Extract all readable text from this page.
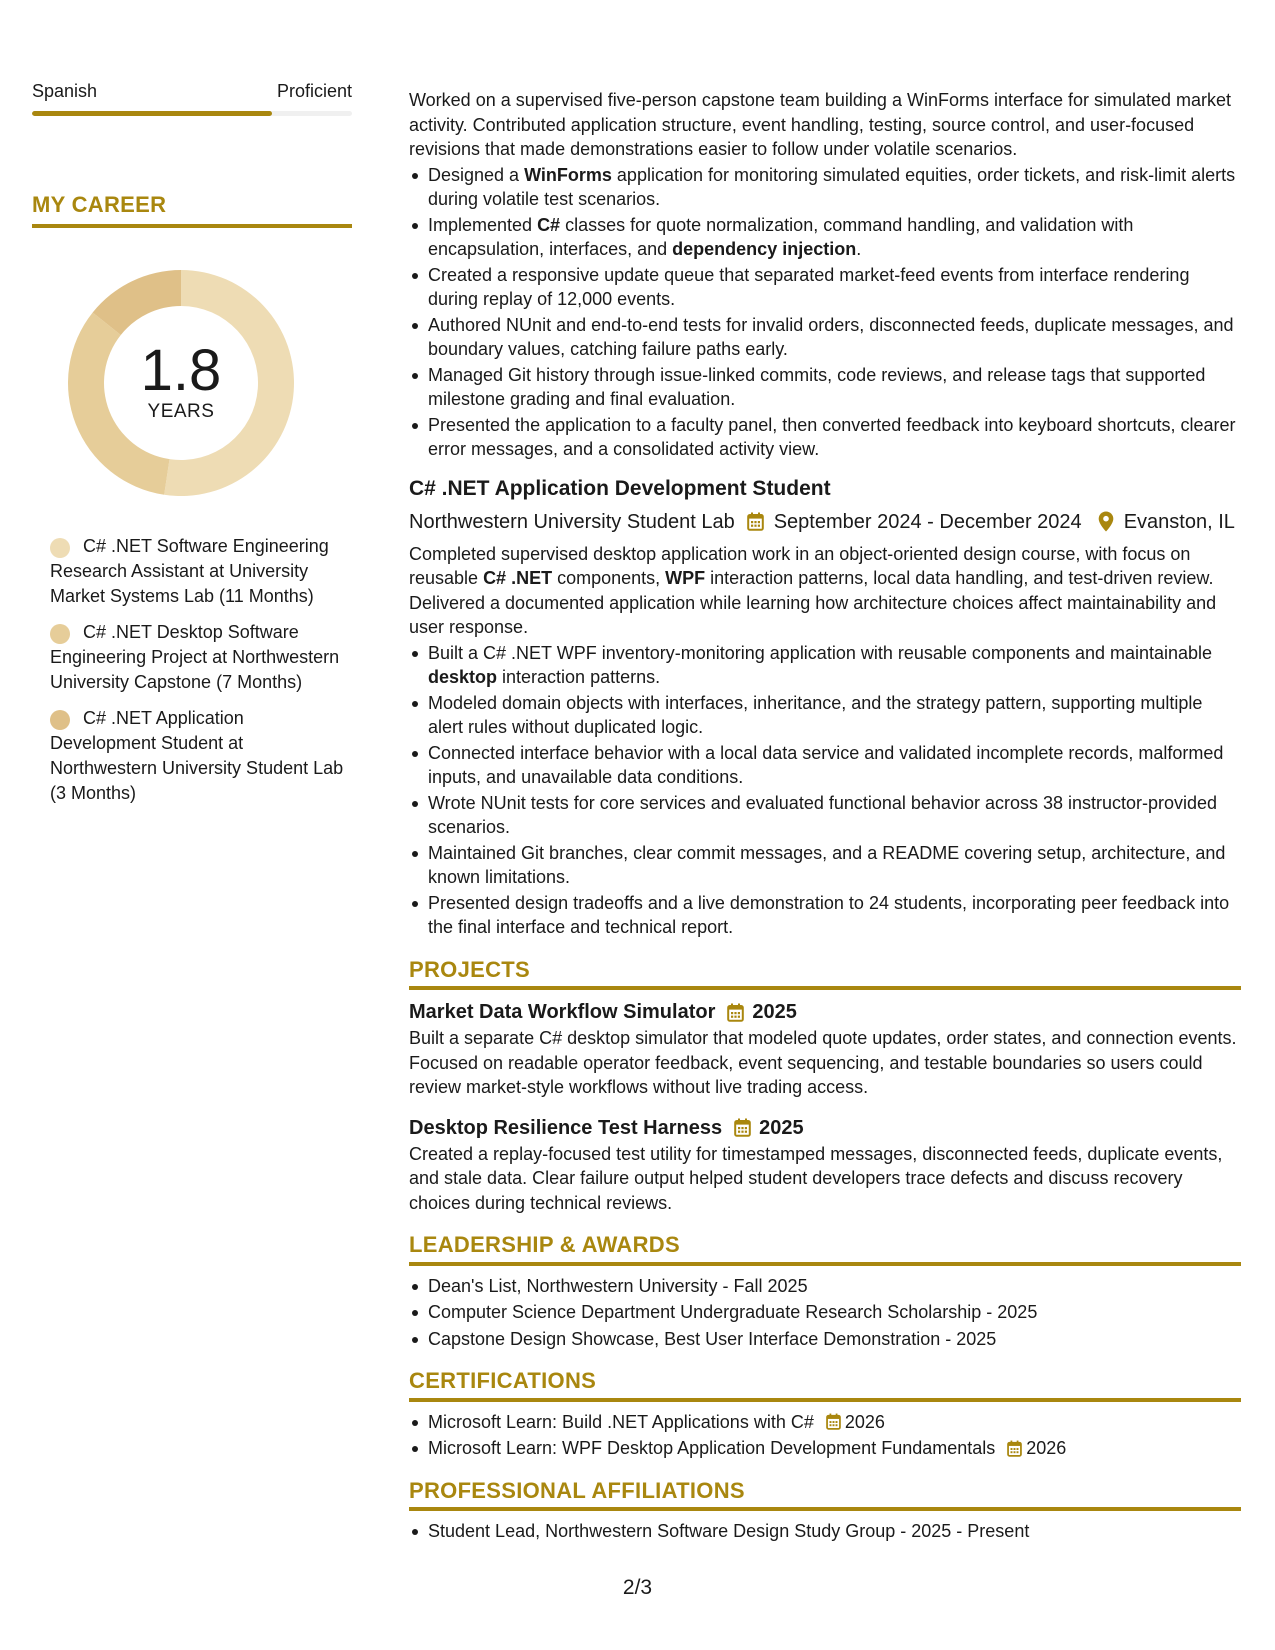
Spanish	Proficient
MY CAREER
1.8
YEARS
C# .NET Software Engineering Research Assistant at University Market Systems Lab (11 Months)
C# .NET Desktop Software Engineering Project at Northwestern University Capstone (7 Months)
C# .NET Application Development Student at Northwestern University Student Lab (3 Months)

Worked on a supervised five-person capstone team building a WinForms interface for simulated market activity. Contributed application structure, event handling, testing, source control, and user-focused revisions that made demonstrations easier to follow under volatile scenarios.

Designed a WinForms application for monitoring simulated equities, order tickets, and risk-limit alerts during volatile test scenarios.
Implemented C# classes for quote normalization, command handling, and validation with encapsulation, interfaces, and dependency injection.
Created a responsive update queue that separated market-feed events from interface rendering during replay of 12,000 events.
Authored NUnit and end-to-end tests for invalid orders, disconnected feeds, duplicate messages, and boundary values, catching failure paths early.
Managed Git history through issue-linked commits, code reviews, and release tags that supported milestone grading and final evaluation.
Presented the application to a faculty panel, then converted feedback into keyboard shortcuts, clearer error messages, and a consolidated activity view.
C# .NET Application Development Student
Northwestern University Student Lab September 2024 - December 2024 Evanston, IL

Completed supervised desktop application work in an object-oriented design course, with focus on reusable C# .NET components, WPF interaction patterns, local data handling, and test-driven review. Delivered a documented application while learning how architecture choices affect maintainability and user response.

Built a C# .NET WPF inventory-monitoring application with reusable components and maintainable desktop interaction patterns.
Modeled domain objects with interfaces, inheritance, and the strategy pattern, supporting multiple alert rules without duplicated logic.
Connected interface behavior with a local data service and validated incomplete records, malformed inputs, and unavailable data conditions.
Wrote NUnit tests for core services and evaluated functional behavior across 38 instructor-provided scenarios.
Maintained Git branches, clear commit messages, and a README covering setup, architecture, and known limitations.
Presented design tradeoffs and a live demonstration to 24 students, incorporating peer feedback into the final interface and technical report.
PROJECTS
Market Data Workflow Simulator 2025

Built a separate C# desktop simulator that modeled quote updates, order states, and connection events. Focused on readable operator feedback, event sequencing, and testable boundaries so users could review market-style workflows without live trading access.

Desktop Resilience Test Harness 2025

Created a replay-focused test utility for timestamped messages, disconnected feeds, duplicate events, and stale data. Clear failure output helped student developers trace defects and discuss recovery choices during technical reviews.

LEADERSHIP & AWARDS
Dean's List, Northwestern University - Fall 2025
Computer Science Department Undergraduate Research Scholarship - 2025
Capstone Design Showcase, Best User Interface Demonstration - 2025
CERTIFICATIONS
Microsoft Learn: Build .NET Applications with C# 2026
Microsoft Learn: WPF Desktop Application Development Fundamentals 2026
PROFESSIONAL AFFILIATIONS
Student Lead, Northwestern Software Design Study Group - 2025 - Present
2/3
